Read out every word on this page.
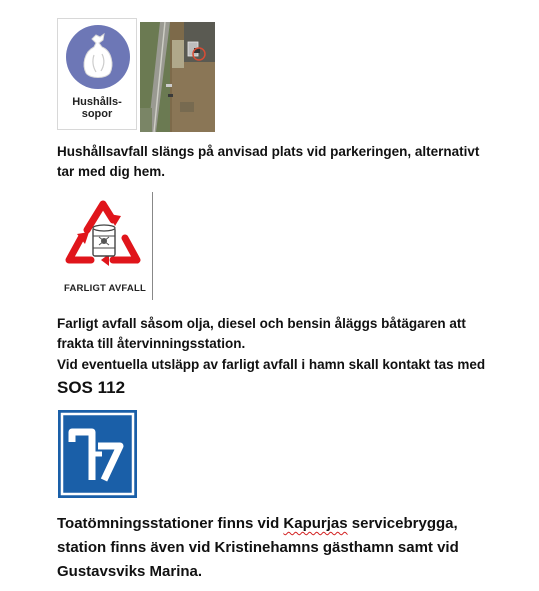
Hushålls-
sopor
Hushållsavfall slängs på anvisad plats vid parkeringen, alternativt
tar med dig hem.
FARLIGT AVFALL
Farligt avfall såsom olja, diesel och bensin åläggs båtägaren att
frakta till återvinningsstation.
Vid eventuella utsläpp av farligt avfall i hamn skall kontakt tas med
SOS 112
Toatömningsstationer finns vid Kapurjas servicebrygga,
station finns även vid Kristinehamns gästhamn samt vid
Gustavsviks Marina.
